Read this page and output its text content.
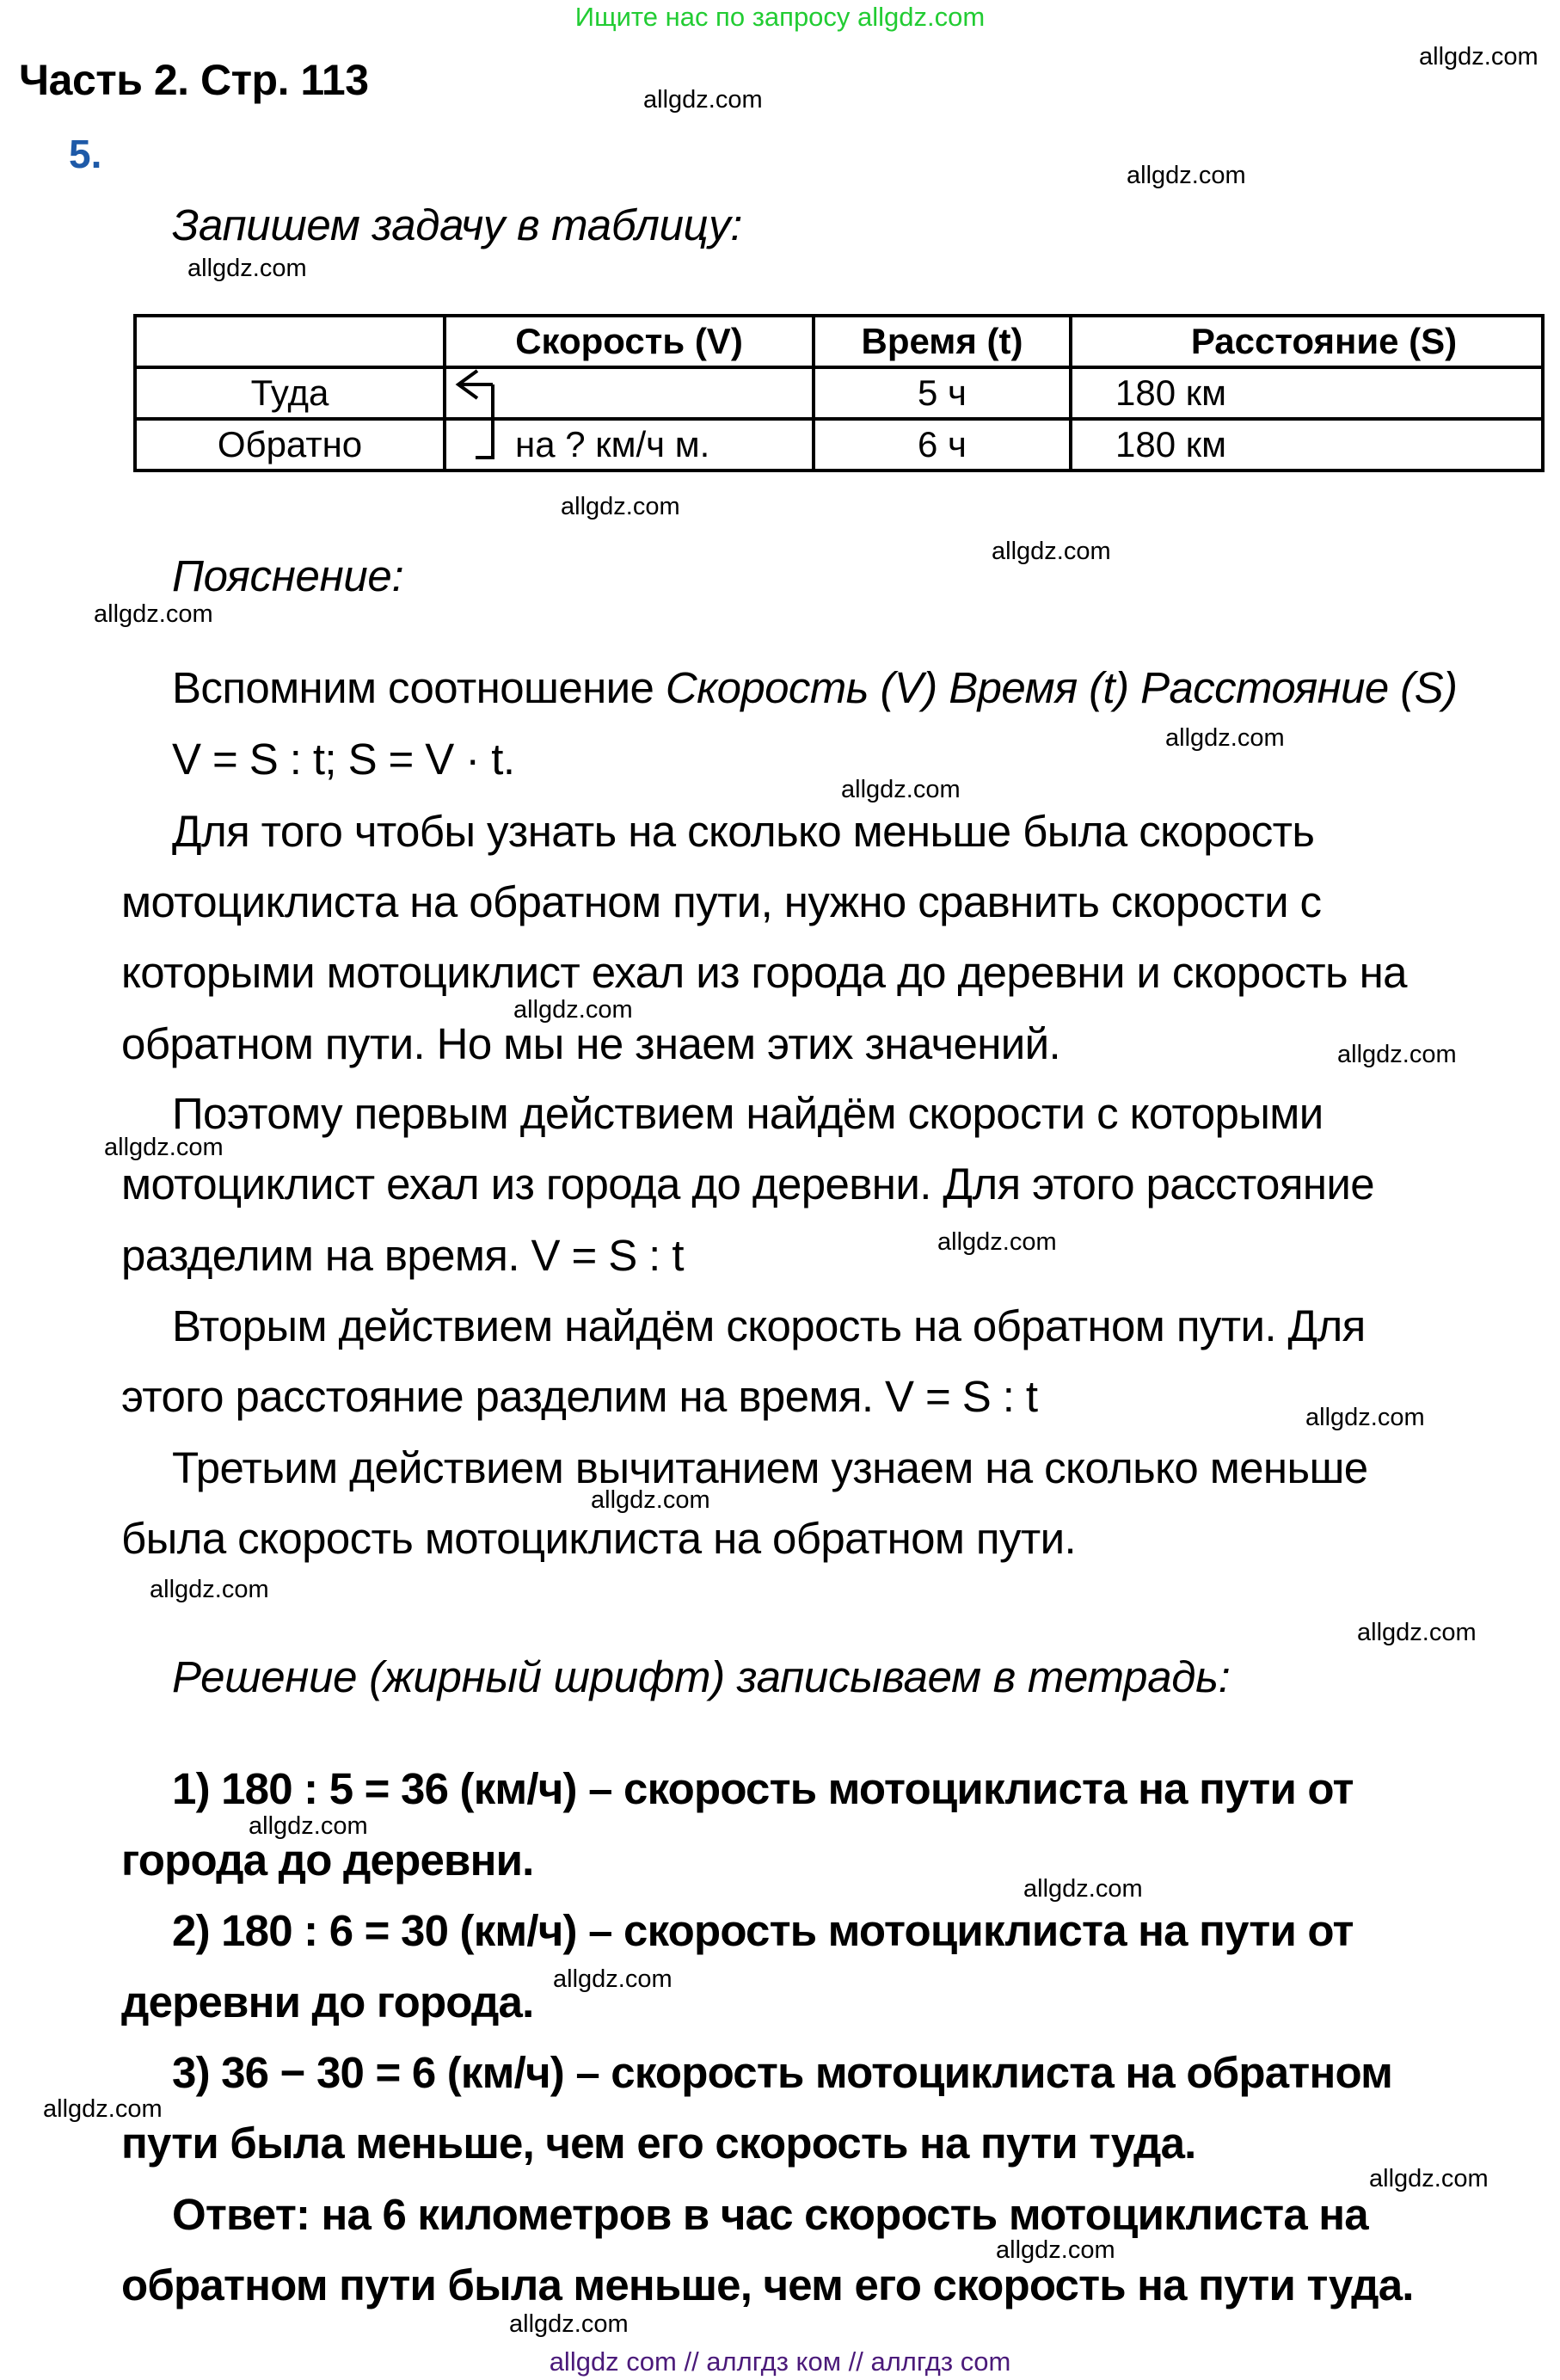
Ищите нас по запросу allgdz.com
Часть 2. Стр. 113
5.
Запишем задачу в таблицу:
	Скорость (V)	Время (t)	Расстояние (S)
Туда		5 ч	180 км
Обратно	на ? км/ч м.	6 ч	180 км
Пояснение:
Вспомним соотношение Скорость (V) Время (t) Расстояние (S)
V = S : t; S = V · t.
Для того чтобы узнать на сколько меньше была скорость
мотоциклиста на обратном пути, нужно сравнить скорости с
которыми мотоциклист ехал из города до деревни и скорость на
обратном пути. Но мы не знаем этих значений.
Поэтому первым действием найдём скорости с которыми
мотоциклист ехал из города до деревни. Для этого расстояние
разделим на время. V = S : t
Вторым действием найдём скорость на обратном пути. Для
этого расстояние разделим на время. V = S : t
Третьим действием вычитанием узнаем на сколько меньше
была скорость мотоциклиста на обратном пути.
Решение (жирный шрифт) записываем в тетрадь:
1) 180 : 5 = 36 (км/ч) – скорость мотоциклиста на пути от
города до деревни.
2) 180 : 6 = 30 (км/ч) – скорость мотоциклиста на пути от
деревни до города.
3) 36 − 30 = 6 (км/ч) – скорость мотоциклиста на обратном
пути была меньше, чем его скорость на пути туда.
Ответ: на 6 километров в час скорость мотоциклиста на
обратном пути была меньше, чем его скорость на пути туда.
allgdz.com
allgdz.com
allgdz.com
allgdz.com
allgdz.com
allgdz.com
allgdz.com
allgdz.com
allgdz.com
allgdz.com
allgdz.com
allgdz.com
allgdz.com
allgdz.com
allgdz.com
allgdz.com
allgdz.com
allgdz.com
allgdz.com
allgdz.com
allgdz.com
allgdz.com
allgdz.com
allgdz.com
allgdz com // аллгдз ком // аллгдз com
